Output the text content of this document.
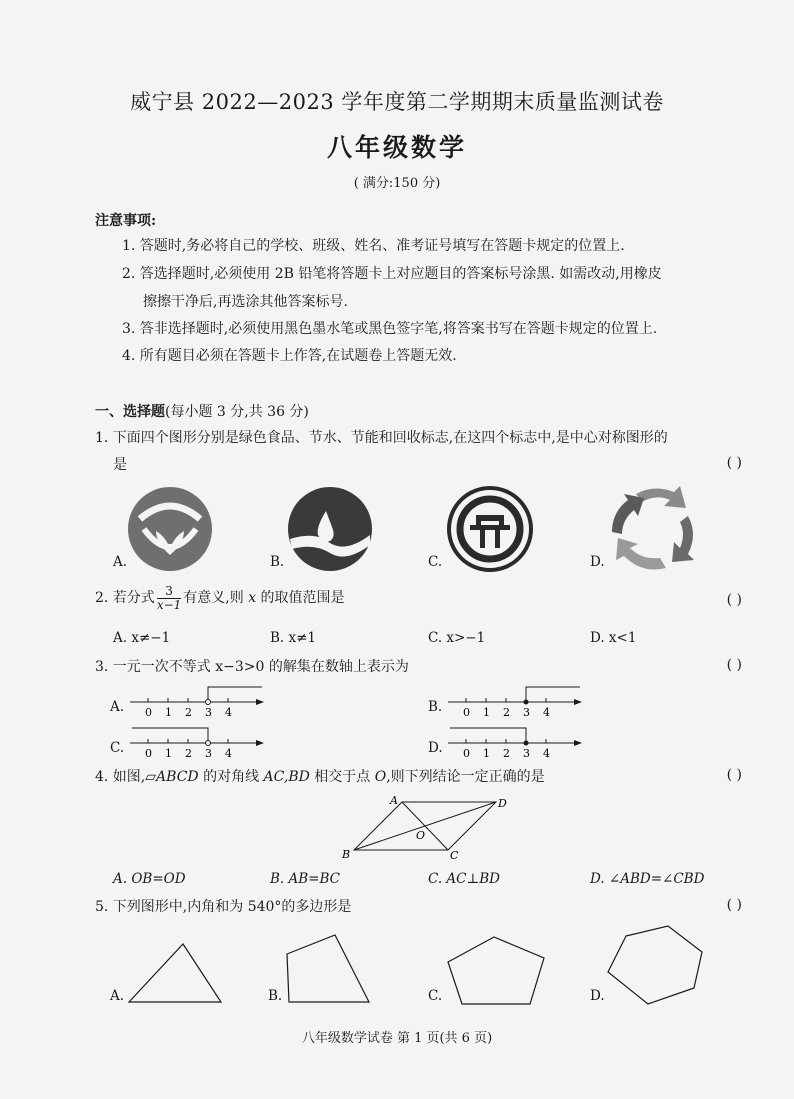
威宁县 2022—2023 学年度第二学期期末质量监测试卷
八年级数学
( 满分:150 分)
注意事项:
1. 答题时,务必将自己的学校、班级、姓名、准考证号填写在答题卡规定的位置上.
2. 答选择题时,必须使用 2B 铅笔将答题卡上对应题目的答案标号涂黑. 如需改动,用橡皮
擦擦干净后,再选涂其他答案标号.
3. 答非选择题时,必须使用黑色墨水笔或黑色签字笔,将答案书写在答题卡规定的位置上.
4. 所有题目必须在答题卡上作答,在试题卷上答题无效.
一、选择题(每小题 3 分,共 36 分)
1. 下面四个图形分别是绿色食品、节水、节能和回收标志,在这四个标志中,是中心对称图形的
是	( )
A.	B.	C.	D.
2. 若分式 $\frac{3}{x-1}$ 有意义,则 x 的取值范围是	( )
A. x≠−1	B. x≠1	C. x>−1	D. x<1
3. 一元一次不等式 x−3>0 的解集在数轴上表示为	( )
A.	B.
C.	D.
0 1 2 3 4	0 1 2 3 4
0 1 2 3 4	0 1 2 3 4
4. 如图,▱ABCD 的对角线 AC,BD 相交于点 O,则下列结论一定正确的是	( )
A
B	C
D
O
A. OB=OD	B. AB=BC	C. AC⊥BD	D. ∠ABD=∠CBD
5. 下列图形中,内角和为 540°的多边形是	( )
A.	B.	C.	D.
八年级数学试卷 第 1 页(共 6 页)
